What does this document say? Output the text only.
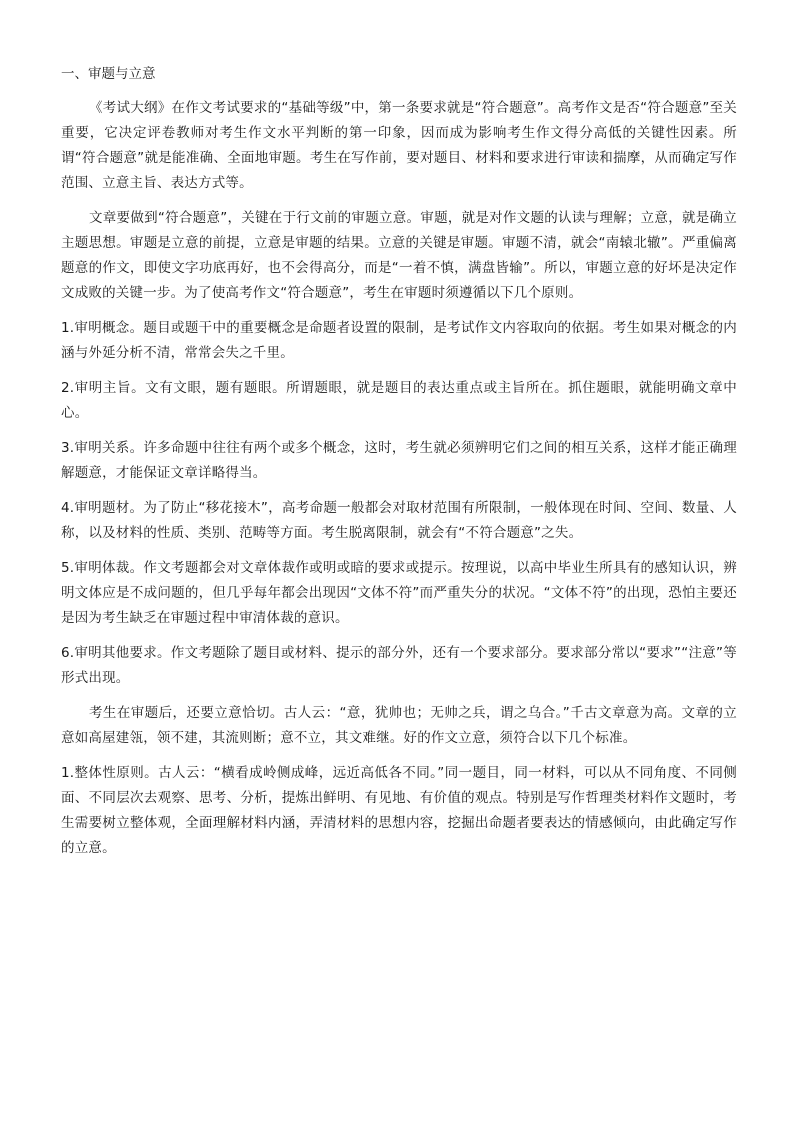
一、审题与立意

《考试大纲》在作文考试要求的“基础等级”中，第一条要求就是“符合题意”。高考作文是否“符合题意”至关重要，它决定评卷教师对考生作文水平判断的第一印象，因而成为影响考生作文得分高低的关键性因素。所谓“符合题意”就是能准确、全面地审题。考生在写作前，要对题目、材料和要求进行审读和揣摩，从而确定写作范围、立意主旨、表达方式等。

文章要做到“符合题意”，关键在于行文前的审题立意。审题，就是对作文题的认读与理解；立意，就是确立主题思想。审题是立意的前提，立意是审题的结果。立意的关键是审题。审题不清，就会“南辕北辙”。严重偏离题意的作文，即使文字功底再好，也不会得高分，而是“一着不慎，满盘皆输”。所以，审题立意的好坏是决定作文成败的关键一步。为了使高考作文“符合题意”，考生在审题时须遵循以下几个原则。

1.审明概念。题目或题干中的重要概念是命题者设置的限制，是考试作文内容取向的依据。考生如果对概念的内涵与外延分析不清，常常会失之千里。

2.审明主旨。文有文眼，题有题眼。所谓题眼，就是题目的表达重点或主旨所在。抓住题眼，就能明确文章中心。

3.审明关系。许多命题中往往有两个或多个概念，这时，考生就必须辨明它们之间的相互关系，这样才能正确理解题意，才能保证文章详略得当。

4.审明题材。为了防止“移花接木”，高考命题一般都会对取材范围有所限制，一般体现在时间、空间、数量、人称，以及材料的性质、类别、范畴等方面。考生脱离限制，就会有“不符合题意”之失。

5.审明体裁。作文考题都会对文章体裁作或明或暗的要求或提示。按理说，以高中毕业生所具有的感知认识，辨明文体应是不成问题的，但几乎每年都会出现因“文体不符”而严重失分的状况。“文体不符”的出现，恐怕主要还是因为考生缺乏在审题过程中审清体裁的意识。

6.审明其他要求。作文考题除了题目或材料、提示的部分外，还有一个要求部分。要求部分常以“要求”“注意”等形式出现。

考生在审题后，还要立意恰切。古人云：“意，犹帅也；无帅之兵，谓之乌合。”千古文章意为高。文章的立意如高屋建瓴，领不建，其流则断；意不立，其文难继。好的作文立意，须符合以下几个标准。

1.整体性原则。古人云：“横看成岭侧成峰，远近高低各不同。”同一题目，同一材料，可以从不同角度、不同侧面、不同层次去观察、思考、分析，提炼出鲜明、有见地、有价值的观点。特别是写作哲理类材料作文题时，考生需要树立整体观，全面理解材料内涵，弄清材料的思想内容，挖掘出命题者要表达的情感倾向，由此确定写作的立意。
